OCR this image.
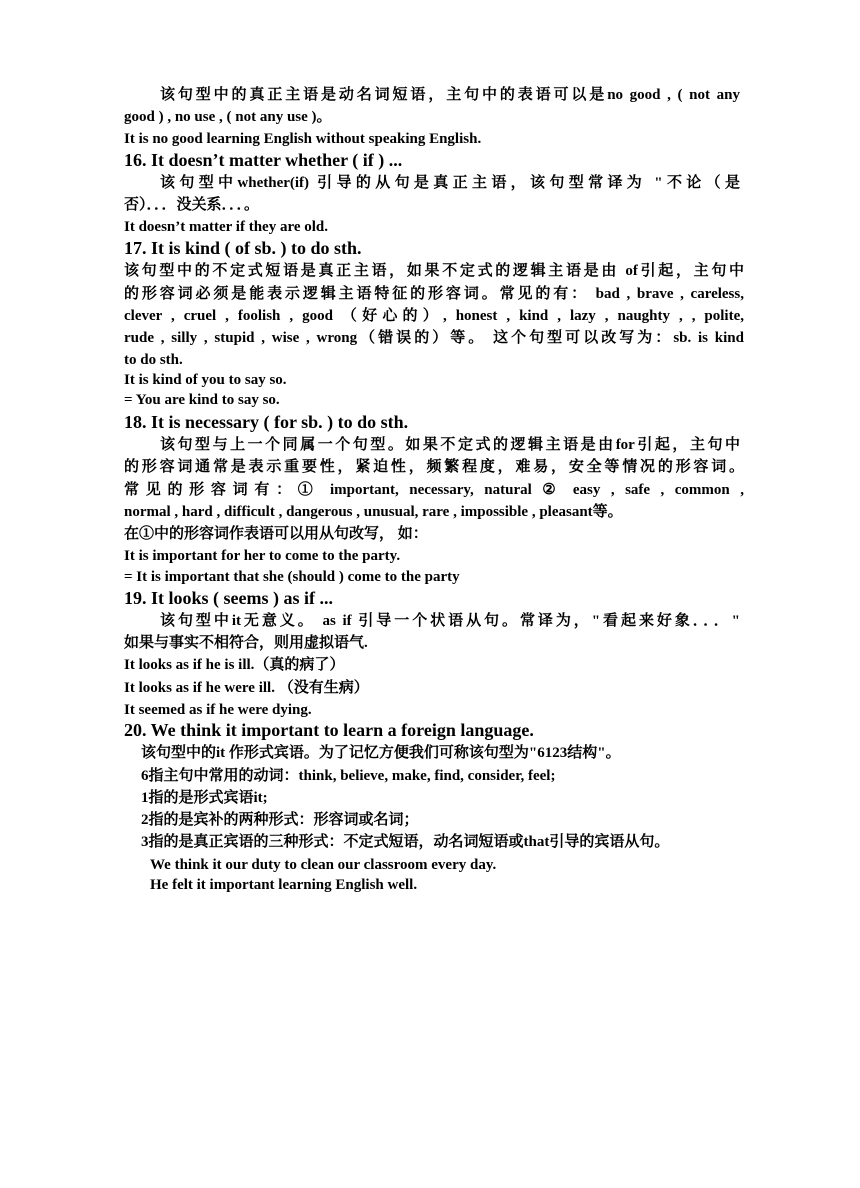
该句型中的真正主语是动名词短语，主句中的表语可以是no good , ( not any
good ) , no use , ( not any use )。
It is no good learning English without speaking English.
16. It doesn’t matter whether ( if ) ...
该句型中whether(if) 引导的从句是真正主语，该句型常译为 "不论（是
否）．．．没关系．．．。
It doesn’t matter if they are old.
17. It is kind ( of sb. ) to do sth.
该句型中的不定式短语是真正主语，如果不定式的逻辑主语是由 of引起，主句中
的形容词必须是能表示逻辑主语特征的形容词。常见的有： bad , brave , careless,
clever , cruel , foolish , good （好心的）, honest , kind , lazy , naughty , , polite,
rude , silly , stupid , wise , wrong（错误的）等。 这个句型可以改写为：sb. is kind
to do sth.
It is kind of you to say so.
= You are kind to say so.
18. It is necessary ( for sb. ) to do sth.
该句型与上一个同属一个句型。如果不定式的逻辑主语是由for引起，主句中
的形容词通常是表示重要性，紧迫性，频繁程度，难易，安全等情况的形容词。
常见的形容词有：① important, necessary, natural ② easy , safe , common ,
normal , hard , difficult , dangerous , unusual, rare , impossible , pleasant等。
在①中的形容词作表语可以用从句改写， 如：
It is important for her to come to the party.
= It is important that she (should ) come to the party
19. It looks ( seems ) as if ...
该句型中it无意义。 as if 引导一个状语从句。常译为，"看起来好象．．．"
如果与事实不相符合，则用虚拟语气.
It looks as if he is ill.（真的病了）
It looks as if he were ill. （没有生病）
It seemed as if he were dying.
20. We think it important to learn a foreign language.
该句型中的it 作形式宾语。为了记忆方便我们可称该句型为"6123结构"。
6指主句中常用的动词：think, believe, make, find, consider, feel;
1指的是形式宾语it;
2指的是宾补的两种形式：形容词或名词；
3指的是真正宾语的三种形式：不定式短语，动名词短语或that引导的宾语从句。
We think it our duty to clean our classroom every day.
He felt it important learning English well.
